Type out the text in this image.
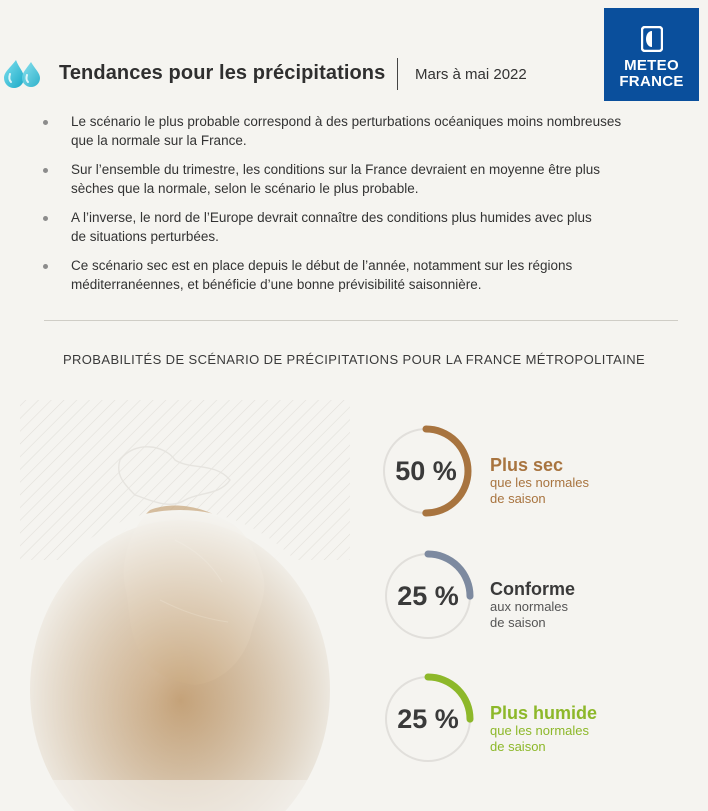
Tendances pour les précipitations Mars à mai 2022
METEO
FRANCE
Le scénario le plus probable correspond à des perturbations océaniques moins nombreuses
que la normale sur la France.
Sur l’ensemble du trimestre, les conditions sur la France devraient en moyenne être plus
sèches que la normale, selon le scénario le plus probable.
A l’inverse, le nord de l’Europe devrait connaître des conditions plus humides avec plus
de situations perturbées.
Ce scénario sec est en place depuis le début de l’année, notamment sur les régions
méditerranéennes, et bénéficie d’une bonne prévisibilité saisonnière.
PROBABILITÉS DE SCÉNARIO DE PRÉCIPITATIONS POUR LA FRANCE MÉTROPOLITAINE
50 %	Plus sec
que les normales
de saison
25 %	Conforme
aux normales
de saison
25 %	Plus humide
que les normales
de saison
